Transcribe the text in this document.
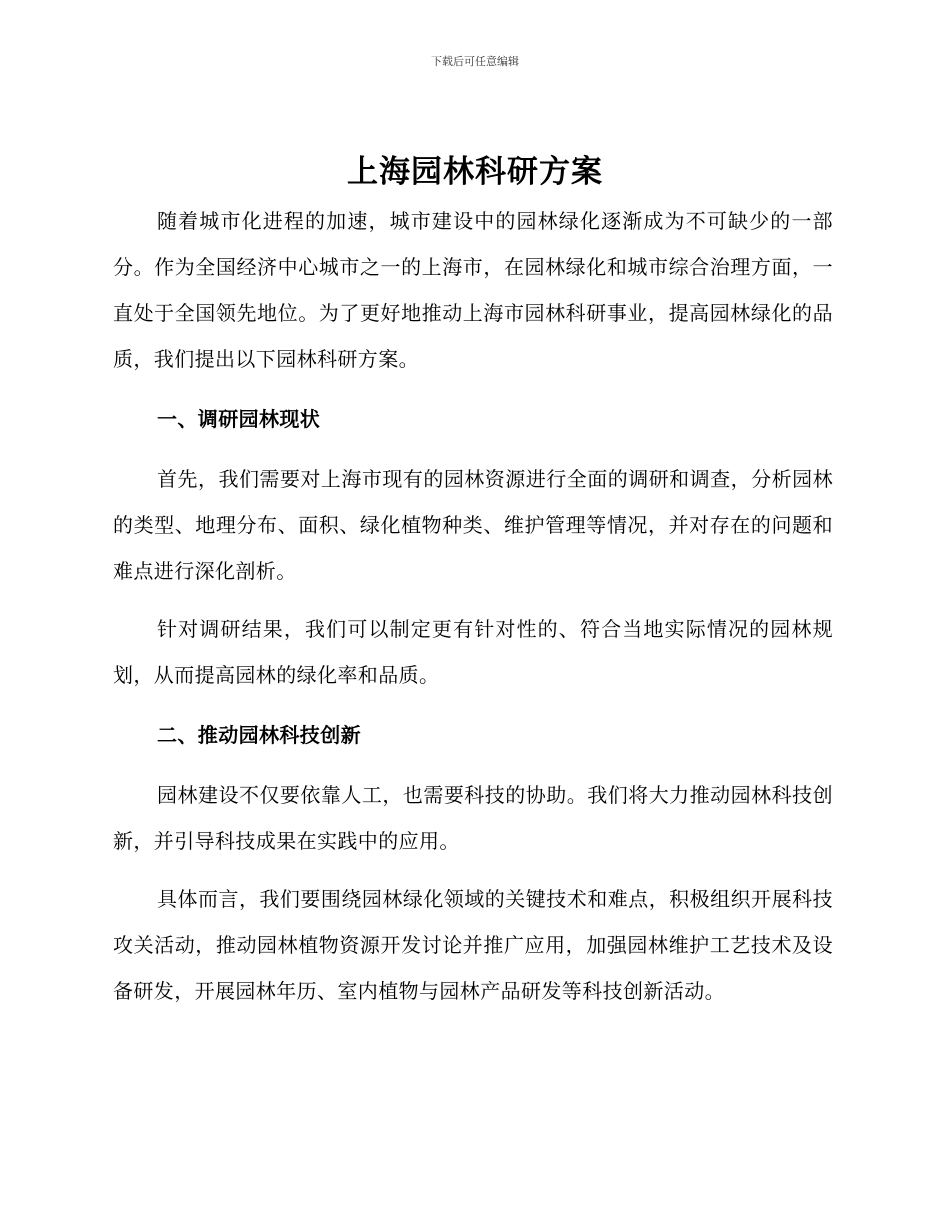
下载后可任意编辑
上海园林科研方案

随着城市化进程的加速，城市建设中的园林绿化逐渐成为不可缺少的一部分。作为全国经济中心城市之一的上海市，在园林绿化和城市综合治理方面，一直处于全国领先地位。为了更好地推动上海市园林科研事业，提高园林绿化的品质，我们提出以下园林科研方案。

一、调研园林现状

首先，我们需要对上海市现有的园林资源进行全面的调研和调查，分析园林的类型、地理分布、面积、绿化植物种类、维护管理等情况，并对存在的问题和难点进行深化剖析。

针对调研结果，我们可以制定更有针对性的、符合当地实际情况的园林规划，从而提高园林的绿化率和品质。

二、推动园林科技创新

园林建设不仅要依靠人工，也需要科技的协助。我们将大力推动园林科技创新，并引导科技成果在实践中的应用。

具体而言，我们要围绕园林绿化领域的关键技术和难点，积极组织开展科技攻关活动，推动园林植物资源开发讨论并推广应用，加强园林维护工艺技术及设备研发，开展园林年历、室内植物与园林产品研发等科技创新活动。
